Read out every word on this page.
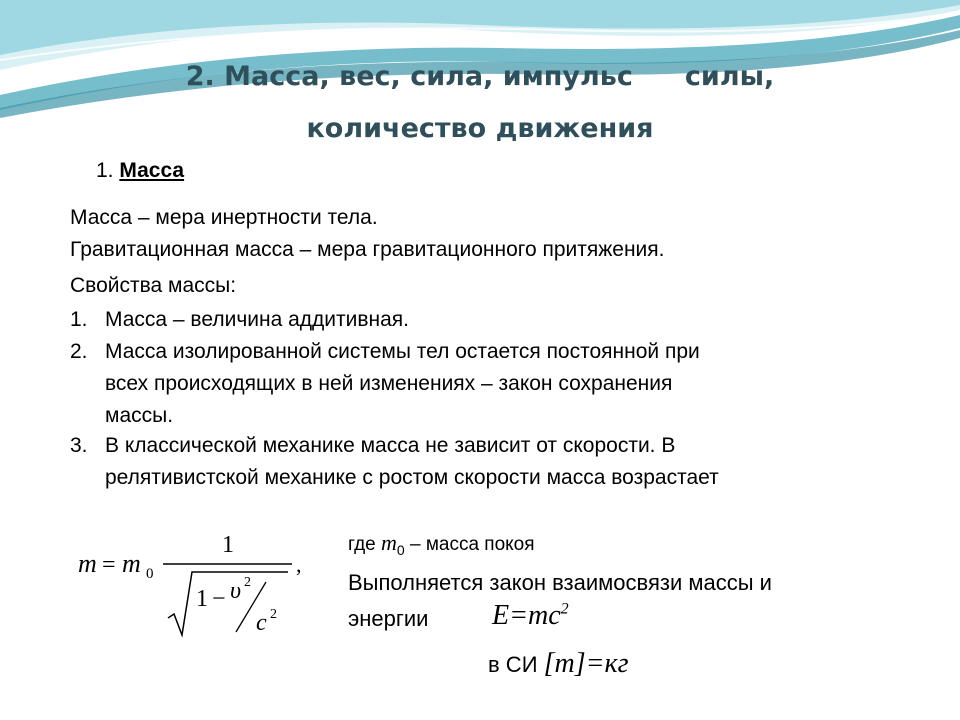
2. Масса, вес, сила, импульс силы,
количество движения
1. Масса
Масса – мера инертности тела.
Гравитационная масса – мера гравитационного притяжения.
Свойства массы:
1. Масса – величина аддитивная.
2. Масса изолированной системы тел остается постоянной при
всех происходящих в ней изменениях – закон сохранения
массы.
3. В классической механике масса не зависит от скорости. В
релятивистской механике с ростом скорости масса возрастает
m = m 0
1
1 − υ 2
c 2
,
где $m_0$ – масса покоя
Выполняется закон взаимосвязи массы и
энергии $E=mc^2$
в СИ [m]=кг
